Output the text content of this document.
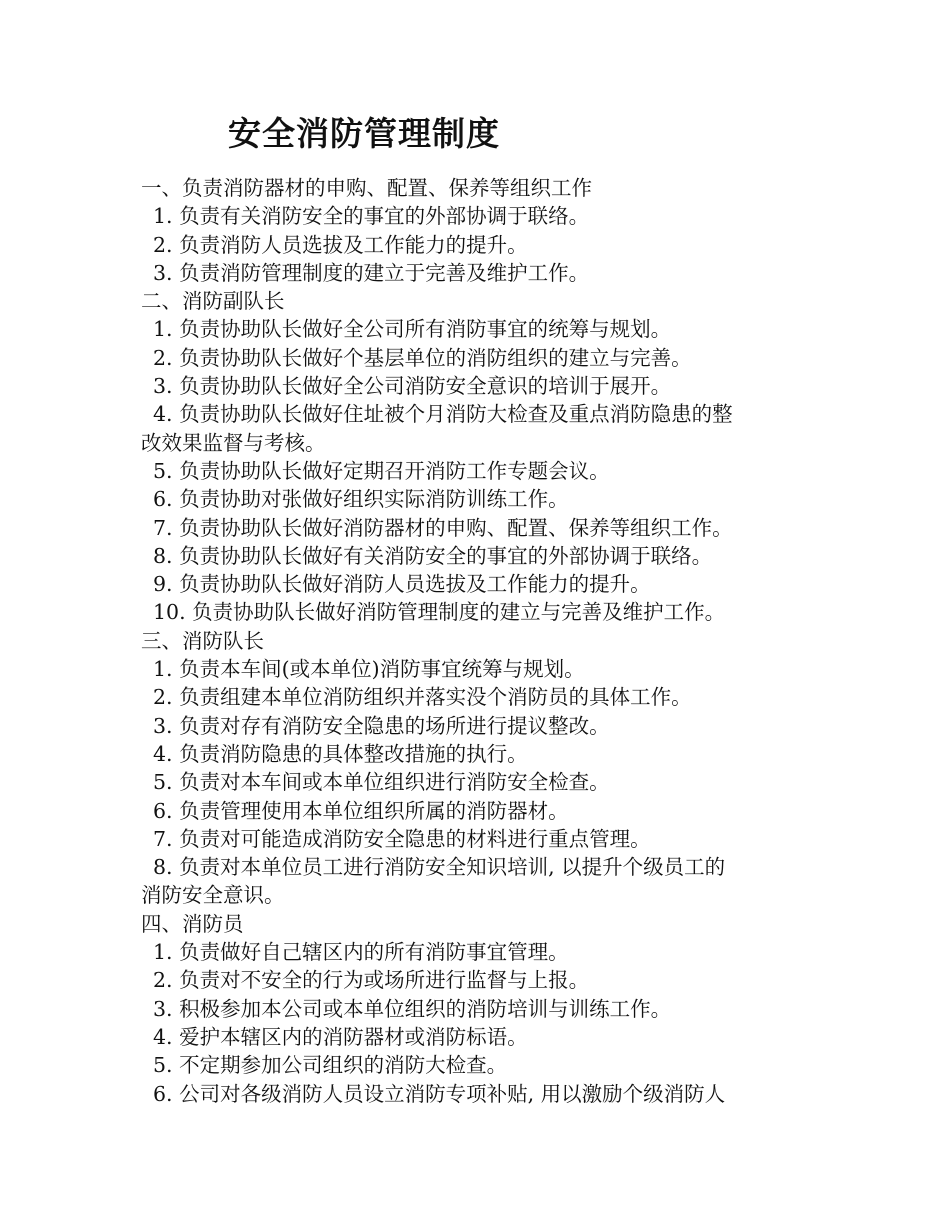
安全消防管理制度
一、负责消防器材的申购、配置、保养等组织工作
1. 负责有关消防安全的事宜的外部协调于联络。
2. 负责消防人员选拔及工作能力的提升。
3. 负责消防管理制度的建立于完善及维护工作。
二、消防副队长
1. 负责协助队长做好全公司所有消防事宜的统筹与规划。
2. 负责协助队长做好个基层单位的消防组织的建立与完善。
3. 负责协助队长做好全公司消防安全意识的培训于展开。
4. 负责协助队长做好住址被个月消防大检查及重点消防隐患的整
改效果监督与考核。
5. 负责协助队长做好定期召开消防工作专题会议。
6. 负责协助对张做好组织实际消防训练工作。
7. 负责协助队长做好消防器材的申购、配置、保养等组织工作。
8. 负责协助队长做好有关消防安全的事宜的外部协调于联络。
9. 负责协助队长做好消防人员选拔及工作能力的提升。
10. 负责协助队长做好消防管理制度的建立与完善及维护工作。
三、消防队长
1. 负责本车间(或本单位)消防事宜统筹与规划。
2. 负责组建本单位消防组织并落实没个消防员的具体工作。
3. 负责对存有消防安全隐患的场所进行提议整改。
4. 负责消防隐患的具体整改措施的执行。
5. 负责对本车间或本单位组织进行消防安全检查。
6. 负责管理使用本单位组织所属的消防器材。
7. 负责对可能造成消防安全隐患的材料进行重点管理。
8. 负责对本单位员工进行消防安全知识培训, 以提升个级员工的
消防安全意识。
四、消防员
1. 负责做好自己辖区内的所有消防事宜管理。
2. 负责对不安全的行为或场所进行监督与上报。
3. 积极参加本公司或本单位组织的消防培训与训练工作。
4. 爱护本辖区内的消防器材或消防标语。
5. 不定期参加公司组织的消防大检查。
6. 公司对各级消防人员设立消防专项补贴, 用以激励个级消防人
